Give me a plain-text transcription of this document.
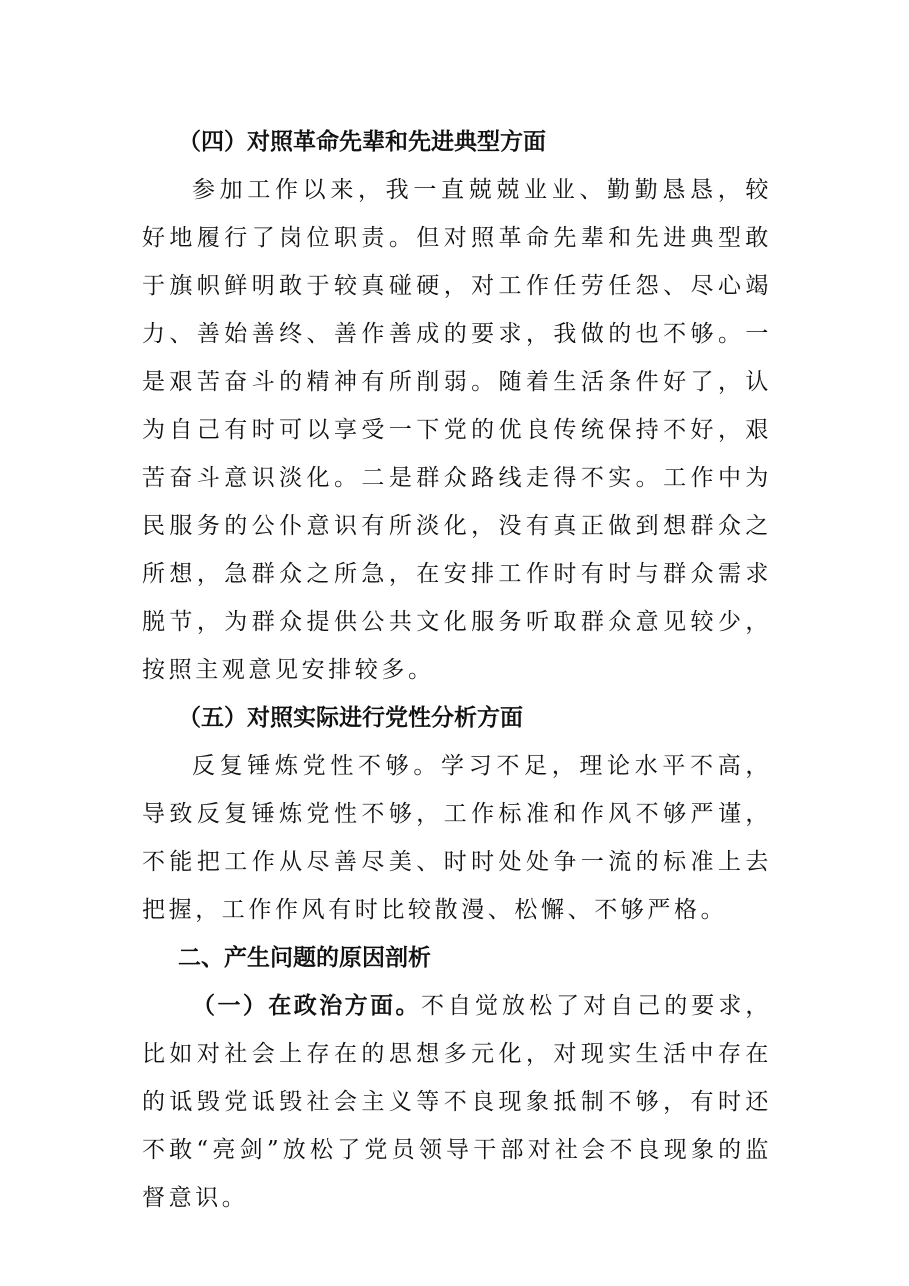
（四）对照革命先辈和先进典型方面

参加工作以来，我一直兢兢业业、勤勤恳恳，较好地履行了岗位职责。但对照革命先辈和先进典型敢于旗帜鲜明敢于较真碰硬，对工作任劳任怨、尽心竭力、善始善终、善作善成的要求，我做的也不够。一是艰苦奋斗的精神有所削弱。随着生活条件好了，认为自己有时可以享受一下党的优良传统保持不好，艰苦奋斗意识淡化。二是群众路线走得不实。工作中为民服务的公仆意识有所淡化，没有真正做到想群众之所想，急群众之所急，在安排工作时有时与群众需求脱节，为群众提供公共文化服务听取群众意见较少，按照主观意见安排较多。

（五）对照实际进行党性分析方面

反复锤炼党性不够。学习不足，理论水平不高，导致反复锤炼党性不够，工作标准和作风不够严谨，不能把工作从尽善尽美、时时处处争一流的标准上去把握，工作作风有时比较散漫、松懈、不够严格。

二、产生问题的原因剖析

（一）在政治方面。不自觉放松了对自己的要求，比如对社会上存在的思想多元化，对现实生活中存在的诋毁党诋毁社会主义等不良现象抵制不够，有时还不敢“亮剑”放松了党员领导干部对社会不良现象的监督意识。
